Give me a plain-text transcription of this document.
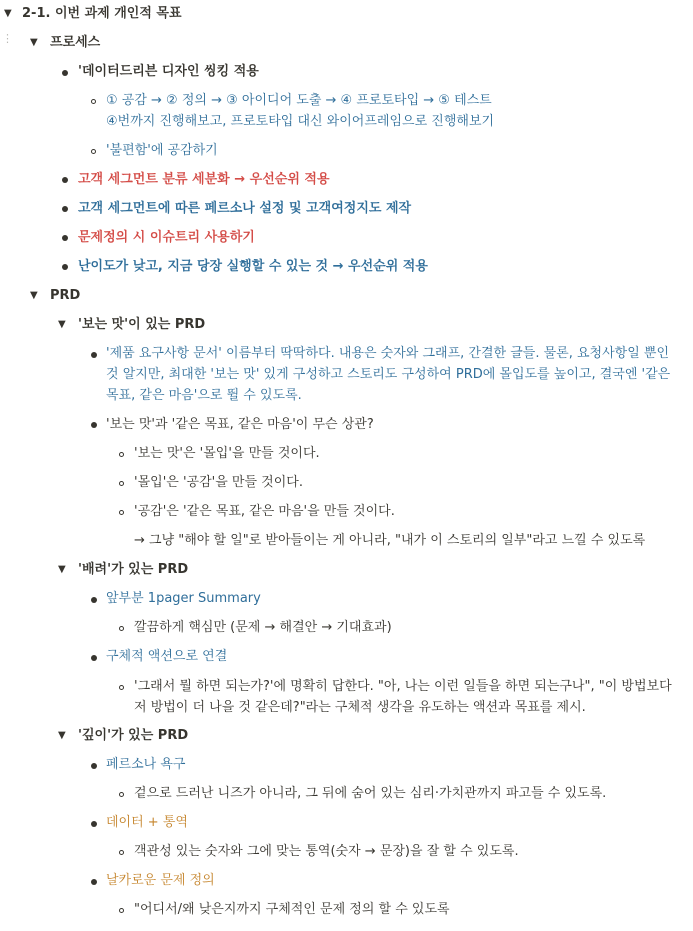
⋮
▼ 2-1. 이번 과제 개인적 목표
▼ 프로세스
'데이터드리븐 디자인 씽킹 적용
① 공감 → ② 정의 → ③ 아이디어 도출 → ④ 프로토타입 → ⑤ 테스트
④번까지 진행해보고, 프로토타입 대신 와이어프레임으로 진행해보기
'불편함'에 공감하기
고객 세그먼트 분류 세분화 → 우선순위 적용
고객 세그먼트에 따른 페르소나 설정 및 고객여정지도 제작
문제정의 시 이슈트리 사용하기
난이도가 낮고, 지금 당장 실행할 수 있는 것 → 우선순위 적용
▼ PRD
▼ '보는 맛'이 있는 PRD
'제품 요구사항 문서' 이름부터 딱딱하다. 내용은 숫자와 그래프, 간결한 글들. 물론, 요청사항일 뿐인
것 알지만, 최대한 '보는 맛' 있게 구성하고 스토리도 구성하여 PRD에 몰입도를 높이고, 결국엔 '같은
목표, 같은 마음'으로 뛸 수 있도록.
'보는 맛'과 '같은 목표, 같은 마음'이 무슨 상관?
'보는 맛'은 '몰입'을 만들 것이다.
'몰입'은 '공감'을 만들 것이다.
'공감'은 '같은 목표, 같은 마음'을 만들 것이다.
→ 그냥 "해야 할 일"로 받아들이는 게 아니라, "내가 이 스토리의 일부"라고 느낄 수 있도록
▼ '배려'가 있는 PRD
앞부분 1pager Summary
깔끔하게 핵심만 (문제 → 해결안 → 기대효과)
구체적 액션으로 연결
'그래서 뭘 하면 되는가?'에 명확히 답한다. "아, 나는 이런 일들을 하면 되는구나", "이 방법보다
저 방법이 더 나을 것 같은데?"라는 구체적 생각을 유도하는 액션과 목표를 제시.
▼ '깊이'가 있는 PRD
페르소나 욕구
겉으로 드러난 니즈가 아니라, 그 뒤에 숨어 있는 심리·가치관까지 파고들 수 있도록.
데이터 + 통역
객관성 있는 숫자와 그에 맞는 통역(숫자 → 문장)을 잘 할 수 있도록.
날카로운 문제 정의
"어디서/왜 낮은지까지 구체적인 문제 정의 할 수 있도록
